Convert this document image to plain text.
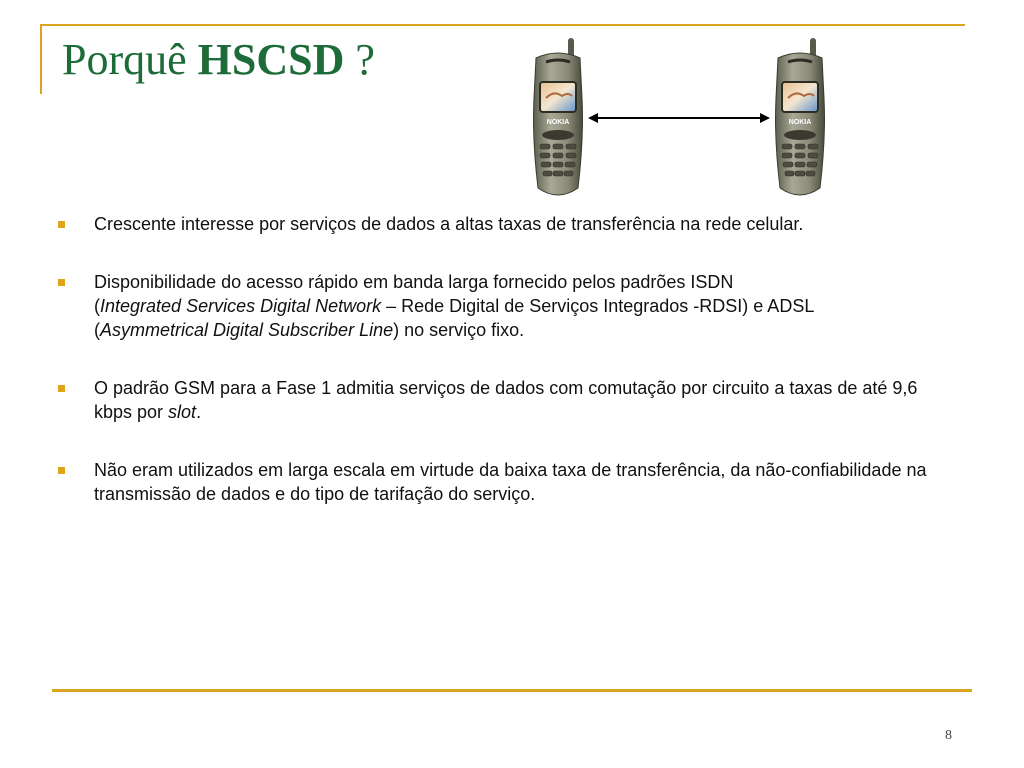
Porquê HSCSD ?
NOKIA	NOKIA
Crescente interesse por serviços de dados a altas taxas de transferência na rede celular.
Disponibilidade do acesso rápido em banda larga fornecido pelos padrões ISDN
(Integrated Services Digital Network – Rede Digital de Serviços Integrados -RDSI) e ADSL
(Asymmetrical Digital Subscriber Line) no serviço fixo.
O padrão GSM para a Fase 1 admitia serviços de dados com comutação por circuito a taxas de até 9,6 kbps por slot.
Não eram utilizados em larga escala em virtude da baixa taxa de transferência, da não-confiabilidade na transmissão de dados e do tipo de tarifação do serviço.
8
